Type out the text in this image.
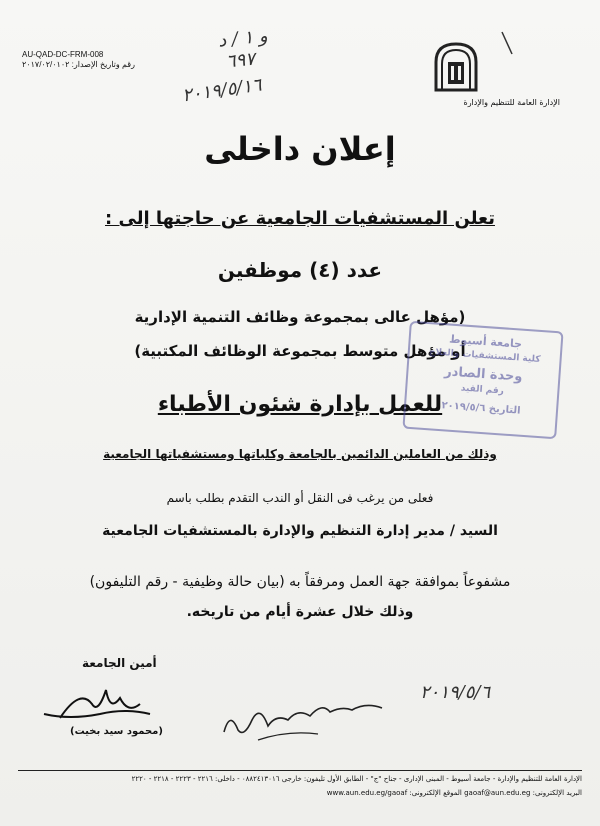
AU-QAD-DC-FRM-008
رقم وتاريخ الإصدار: ٢٠١٧/٠٢/٠١٠٢
و ١ / د
٦٩٧
٢٠١٩/٥/١٦	الإدارة العامة للتنظيم والإدارة
إعلان داخلى
تعلن المستشفيات الجامعية عن حاجتها إلى :
عدد (٤) موظفين
(مؤهل عالى بمجموعة وظائف التنمية الإدارية
أو مؤهل متوسط بمجموعة الوظائف المكتبية)
للعمل بإدارة شئون الأطباء
وذلك من العاملين الدائمين بالجامعة وكلياتها ومستشفياتها الجامعية
فعلى من يرغب فى النقل أو الندب التقدم بطلب باسم
السيد / مدير إدارة التنظيم والإدارة بالمستشفيات الجامعية
مشفوعاً بموافقة جهة العمل ومرفقاً به (بيان حالة وظيفية - رقم التليفون)
وذلك خلال عشرة أيام من تاريخه.
جامعة أسيوط
كلية المستشفيات والعلاج
وحدة الصادر
رقم القيد
التاريخ ٢٠١٩/٥/٦
أمين الجامعة
٢٠١٩/٥/٦
(محمود سيد بخيت)
الإدارة العامة للتنظيم والإدارة - جامعة أسيوط - المبنى الإدارى - جناح "ج" - الطابق الأول تليفون: خارجى ٠٨٨٢٤١٣٠١٦ - داخلى: ٢٢١٦ - ٢٢٢٣ - ٢٢١٨ - ٢٢٢٠
البريد الإلكترونى: gaoaf@aun.edu.eg الموقع الإلكترونى: www.aun.edu.eg/gaoaf
